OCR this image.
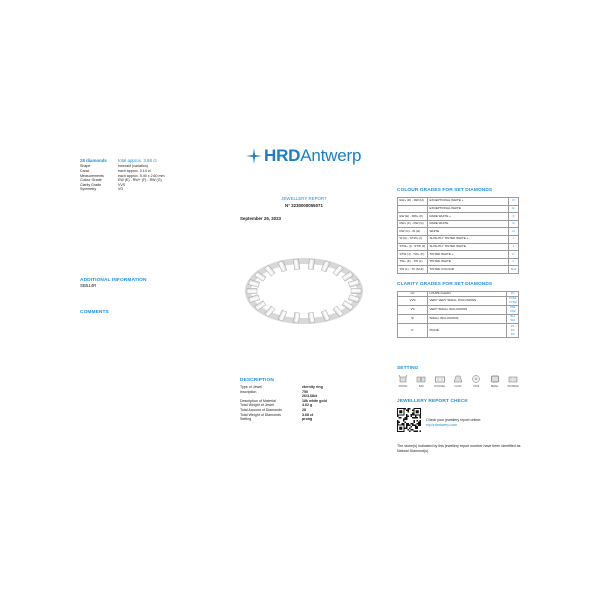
HRDAntwerp
28 diamonds	total approx. 3.68 ct
Shape	emerald (variation)
Carat	each approx. 0.14 ct
Measurements	each approx. 5.40 x 2.60 mm
Colour Grade	EW (E) - RW+ (F) - RW (G)
Clarity Grade	VVS
Symmetry	VG
ADDITIONAL INFORMATION
SB514R
COMMENTS
JEWELLERY REPORT
N° 2230000055071
September 26, 2023
DESCRIPTION
Type of Jewel	eternity ring
Inscription	750
26/3.68ct
Description of Material	18k white gold
Total Weight of Jewel	4.62 g
Total Amount of Diamonds	28
Total Weight of Diamonds	3.68 ct
Setting	prong
COLOUR GRADES FOR SET DIAMONDS
EW+ (D) - RW (H)	EXCEPTIONAL WHITE +	D
	EXCEPTIONAL WHITE	E
EW (E) - RW+ (F)	RARE WHITE +	F
RW+ (F) - RW (G)	RARE WHITE	G
RW (G) - W (H)	WHITE	H
W (H) - STW+ (I)	SLIGHTLY TINTED WHITE +	I
STW+ (I) - STW (J)	SLIGHTLY TINTED WHITE	J
STW (J) - TW+ (K)	TINTED WHITE +	K
TW+ (K) - TW (L)	TINTED WHITE	L
TW (L) - TC (M-Z)	TINTED COLOUR	M-Z
CLARITY GRADES FOR SET DIAMONDS
LC	LOUPE CLEAN	LC

VVS	VERY VERY SMALL INCLUSIONS	VVS1
VVS2

VS	VERY SMALL INCLUSIONS	VS1
VS2

SI	SMALL INCLUSIONS	SI1
SI2

P	PIQUÉ	P1
P2
P3
SETTING
PRONG	BAR	CHANNEL	FLOW	PAVÉ	BEZEL	INVISIBLE
JEWELLERY REPORT CHECK
Check your jewellery report online:
my.hrdantwerp.com
The stone(s) indicated by this jewellery report number have been identified as Natural Diamond(s).
